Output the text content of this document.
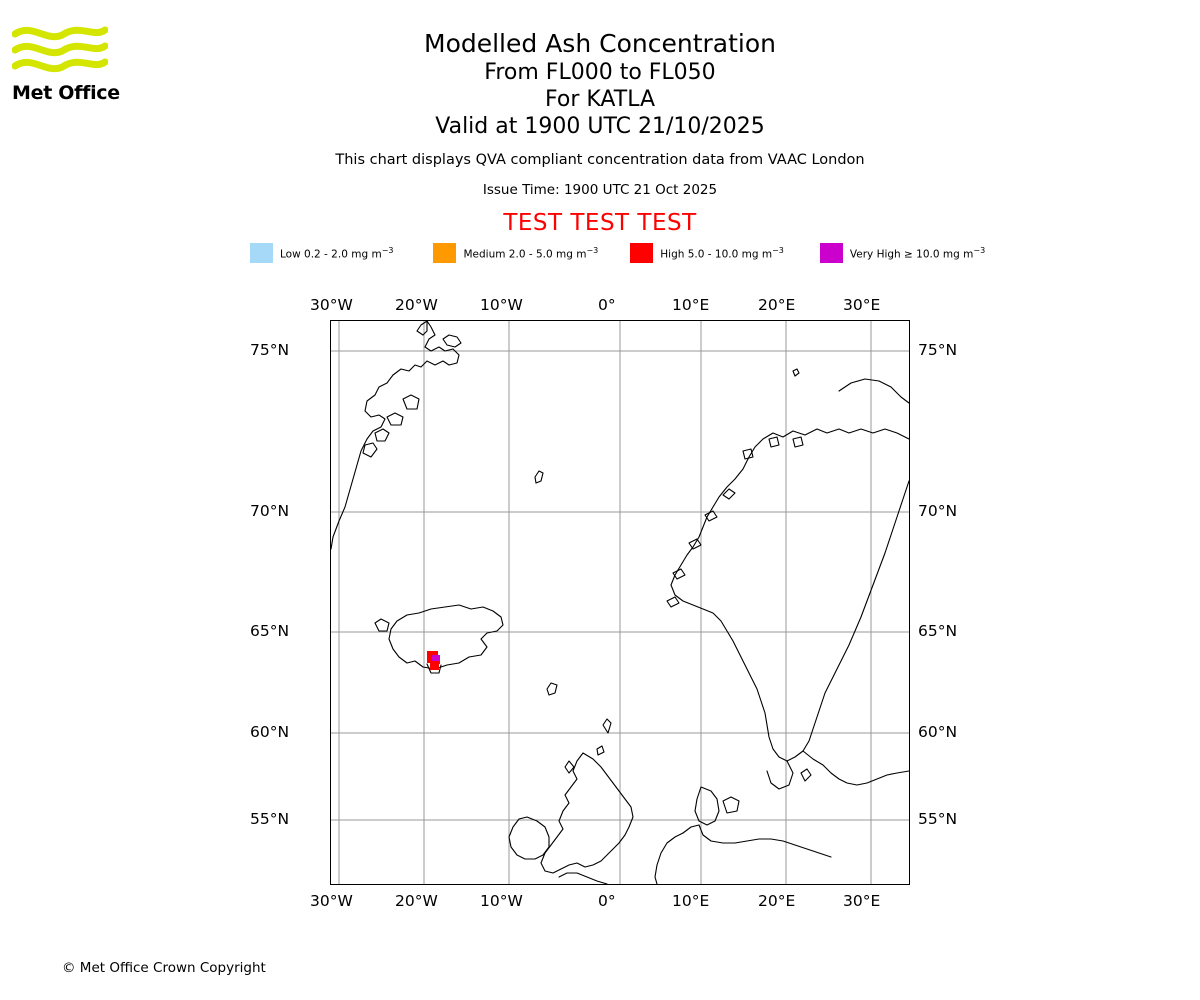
Met Office
Modelled Ash Concentration
From FL000 to FL050
For KATLA
Valid at 1900 UTC 21/10/2025
This chart displays QVA compliant concentration data from VAAC London
Issue Time: 1900 UTC 21 Oct 2025
TEST TEST TEST
Low 0.2 - 2.0 mg $m^{-3}$	Medium 2.0 - 5.0 mg $m^{-3}$	High 5.0 - 10.0 mg $m^{-3}$	Very High ≥ 10.0 mg $m^{-3}$
30°W	20°W	10°W	0°	10°E	20°E	30°E
30°W	20°W	10°W	0°	10°E	20°E	30°E
75°N
70°N
65°N
60°N
55°N
75°N
70°N
65°N
60°N
55°N
© Met Office Crown Copyright
